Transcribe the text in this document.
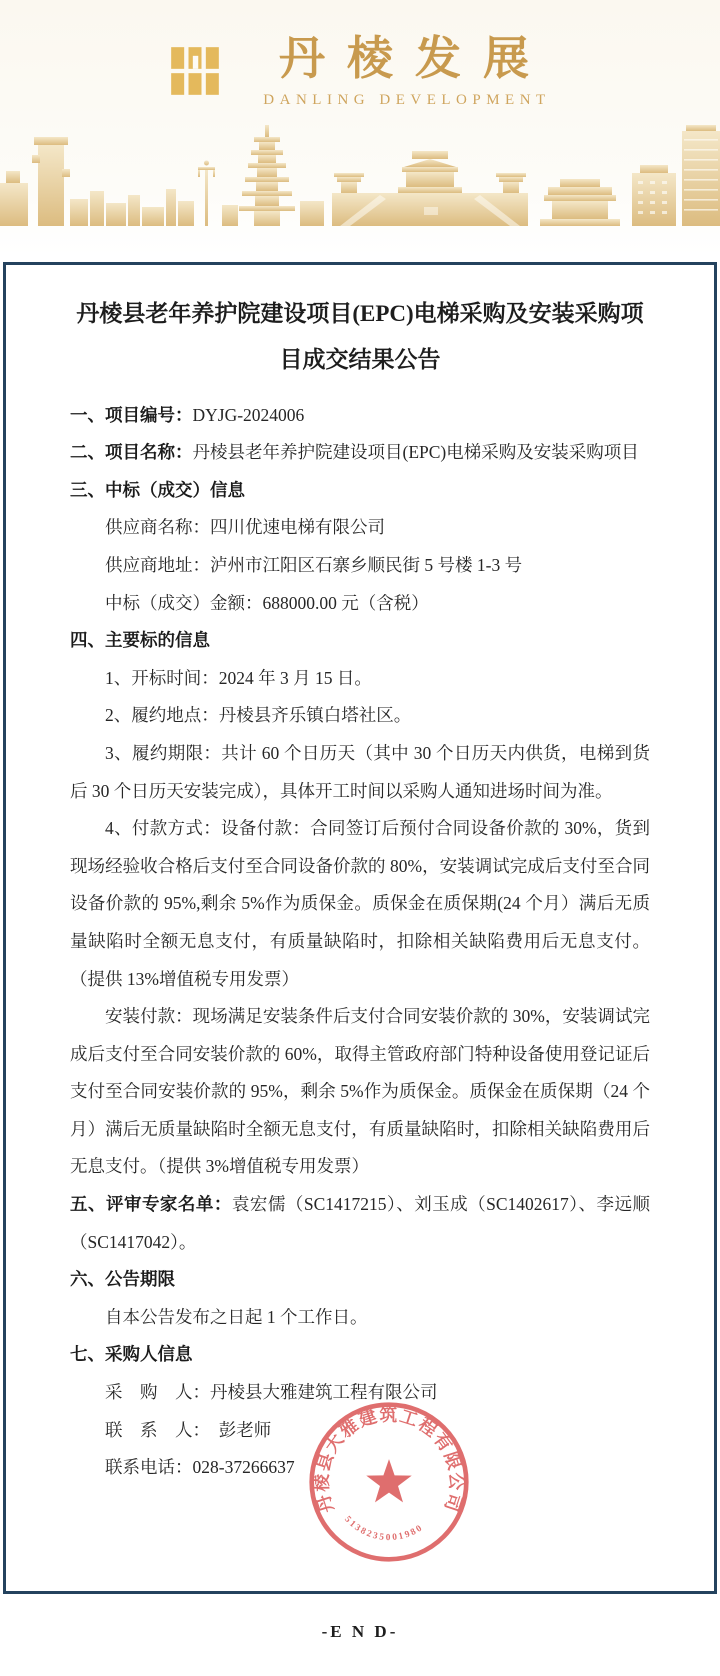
丹棱发展
DANLING DEVELOPMENT
丹棱县老年养护院建设项目(EPC)电梯采购及安装采购项目成交结果公告

一、项目编号：DYJG-2024006

二、项目名称：丹棱县老年养护院建设项目(EPC)电梯采购及安装采购项目

三、中标（成交）信息

供应商名称：四川优速电梯有限公司

供应商地址：泸州市江阳区石寨乡顺民街 5 号楼 1-3 号

中标（成交）金额：688000.00 元（含税）

四、主要标的信息

1、开标时间：2024 年 3 月 15 日。

2、履约地点：丹棱县齐乐镇白塔社区。

3、履约期限：共计 60 个日历天（其中 30 个日历天内供货，电梯到货后 30 个日历天安装完成），具体开工时间以采购人通知进场时间为准。

4、付款方式：设备付款：合同签订后预付合同设备价款的 30%，货到现场经验收合格后支付至合同设备价款的 80%，安装调试完成后支付至合同设备价款的 95%,剩余 5%作为质保金。质保金在质保期(24 个月）满后无质量缺陷时全额无息支付，有质量缺陷时，扣除相关缺陷费用后无息支付。（提供 13%增值税专用发票）

安装付款：现场满足安装条件后支付合同安装价款的 30%，安装调试完成后支付至合同安装价款的 60%，取得主管政府部门特种设备使用登记证后支付至合同安装价款的 95%，剩余 5%作为质保金。质保金在质保期（24 个月）满后无质量缺陷时全额无息支付，有质量缺陷时，扣除相关缺陷费用后无息支付。（提供 3%增值税专用发票）

五、评审专家名单：袁宏儒（SC1417215）、刘玉成（SC1402617）、李远顺（SC1417042）。

六、公告期限

自本公告发布之日起 1 个工作日。

七、采购人信息

采　购　人：丹棱县大雅建筑工程有限公司

联　系　人：　彭老师

联系电话：028-37266637

丹棱县大雅建筑工程有限公司
5138235001980
-E N D-
